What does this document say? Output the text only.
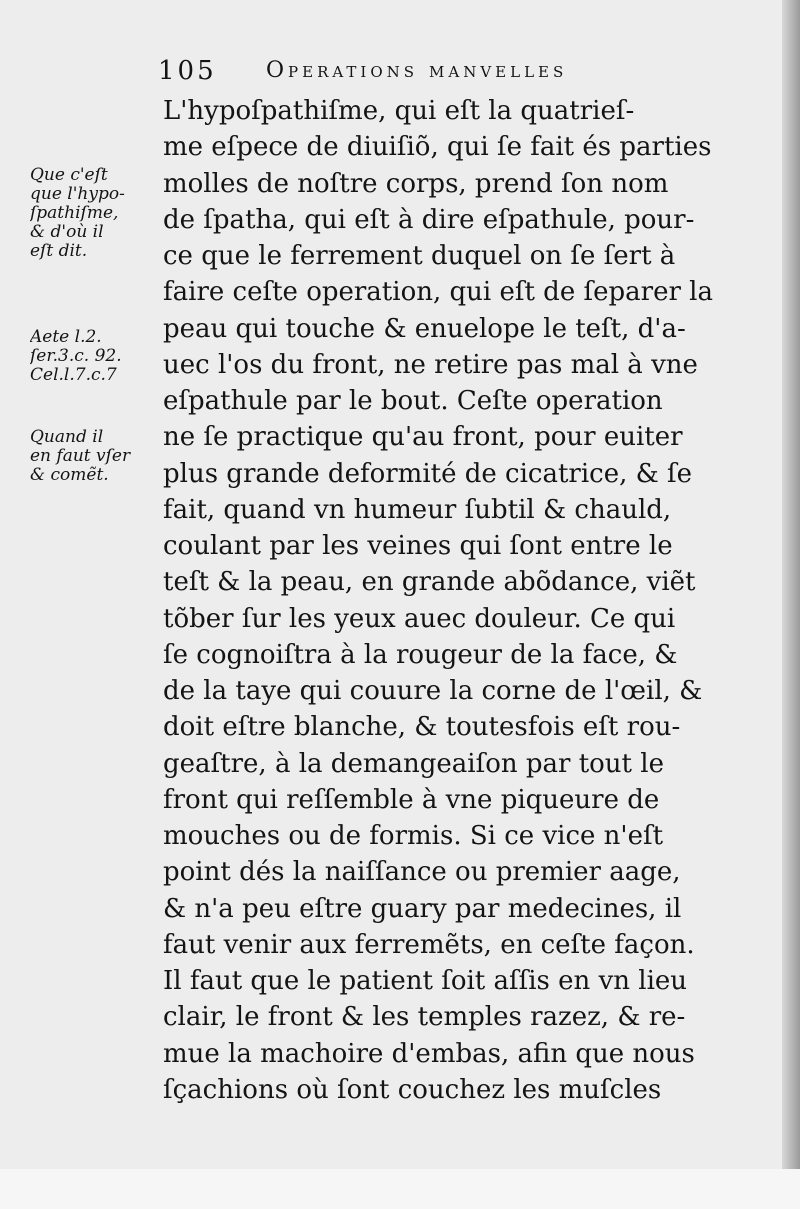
105 Operations manvelles
L'hypoſpathiſme, qui eſt la quatrieſ-
me eſpece de diuiſiõ, qui ſe fait és parties
molles de noſtre corps, prend ſon nom
de ſpatha, qui eſt à dire eſpathule, pour-
ce que le ferrement duquel on ſe ſert à
faire ceſte operation, qui eſt de ſeparer la
peau qui touche & enuelope le teſt, d'a-
uec l'os du front, ne retire pas mal à vne
eſpathule par le bout. Ceſte operation
ne ſe practique qu'au front, pour euiter
plus grande deformité de cicatrice, & ſe
fait, quand vn humeur ſubtil & chauld,
coulant par les veines qui ſont entre le
teſt & la peau, en grande abõdance, viẽt
tõber ſur les yeux auec douleur. Ce qui
ſe cognoiſtra à la rougeur de la face, &
de la taye qui couure la corne de l'œil, &
doit eſtre blanche, & toutesfois eſt rou-
geaſtre, à la demangeaiſon par tout le
front qui reſſemble à vne piqueure de
mouches ou de formis. Si ce vice n'eſt
point dés la naiſſance ou premier aage,
& n'a peu eſtre guary par medecines, il
faut venir aux ferremẽts, en ceſte façon.
Il faut que le patient ſoit aſſis en vn lieu
clair, le front & les temples razez, & re-
mue la machoire d'embas, afin que nous
ſçachions où ſont couchez les muſcles
Que c'eſt
que l'hypo-
ſpathiſme,
& d'où il
eſt dit.
Aete l.2.
ſer.3.c. 92.
Cel.l.7.c.7
Quand il
en faut vſer
& comẽt.
